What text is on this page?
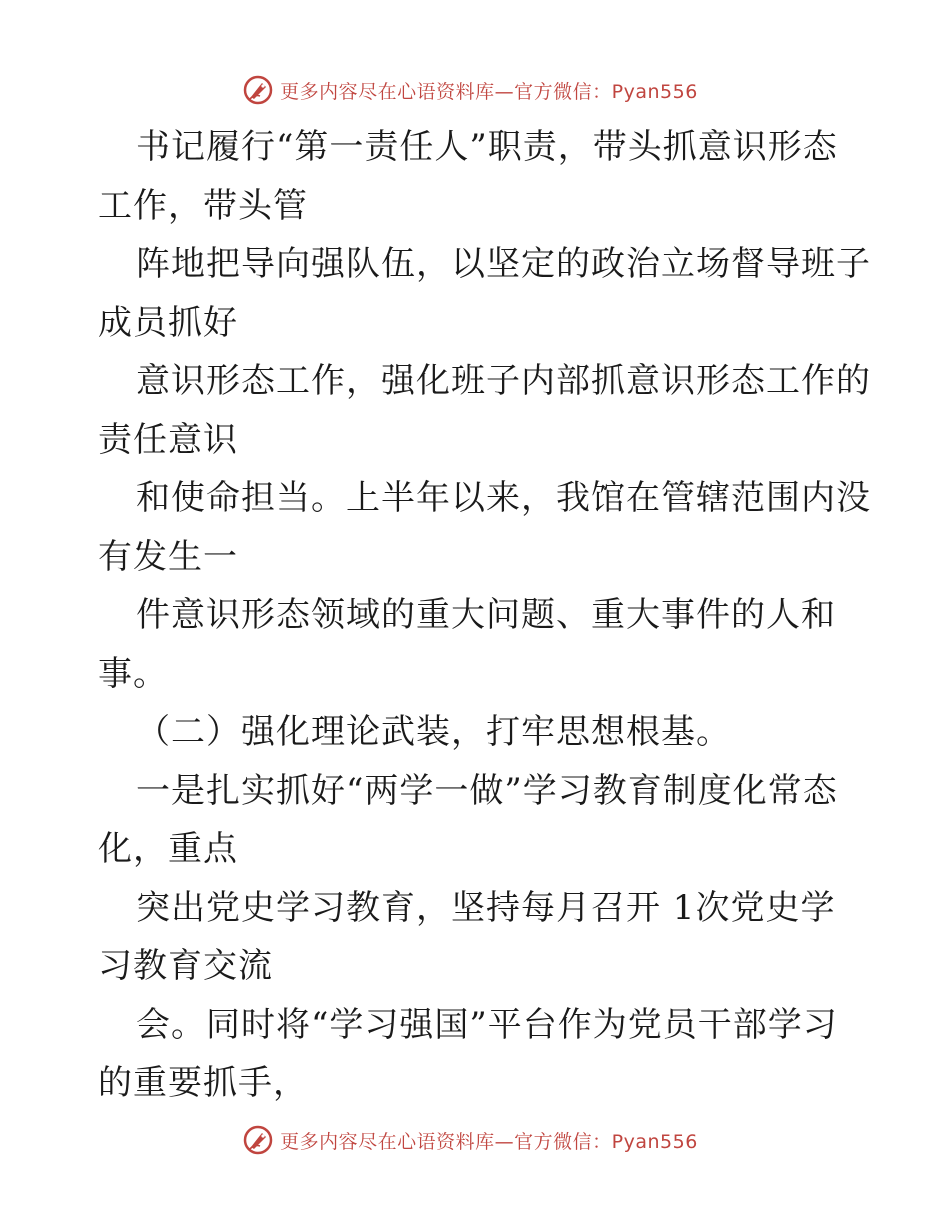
更多内容尽在心语资料库—官方微信：Pyan556
书记履行“第一责任人”职责，带头抓意识形态
工作，带头管
阵地把导向强队伍，以坚定的政治立场督导班子
成员抓好
意识形态工作，强化班子内部抓意识形态工作的
责任意识
和使命担当。上半年以来，我馆在管辖范围内没
有发生一
件意识形态领域的重大问题、重大事件的人和
事。
（二）强化理论武装，打牢思想根基。
一是扎实抓好“两学一做”学习教育制度化常态
化，重点
突出党史学习教育，坚持每月召开 1次党史学
习教育交流
会。同时将“学习强国”平台作为党员干部学习
的重要抓手，
更多内容尽在心语资料库—官方微信：Pyan556
